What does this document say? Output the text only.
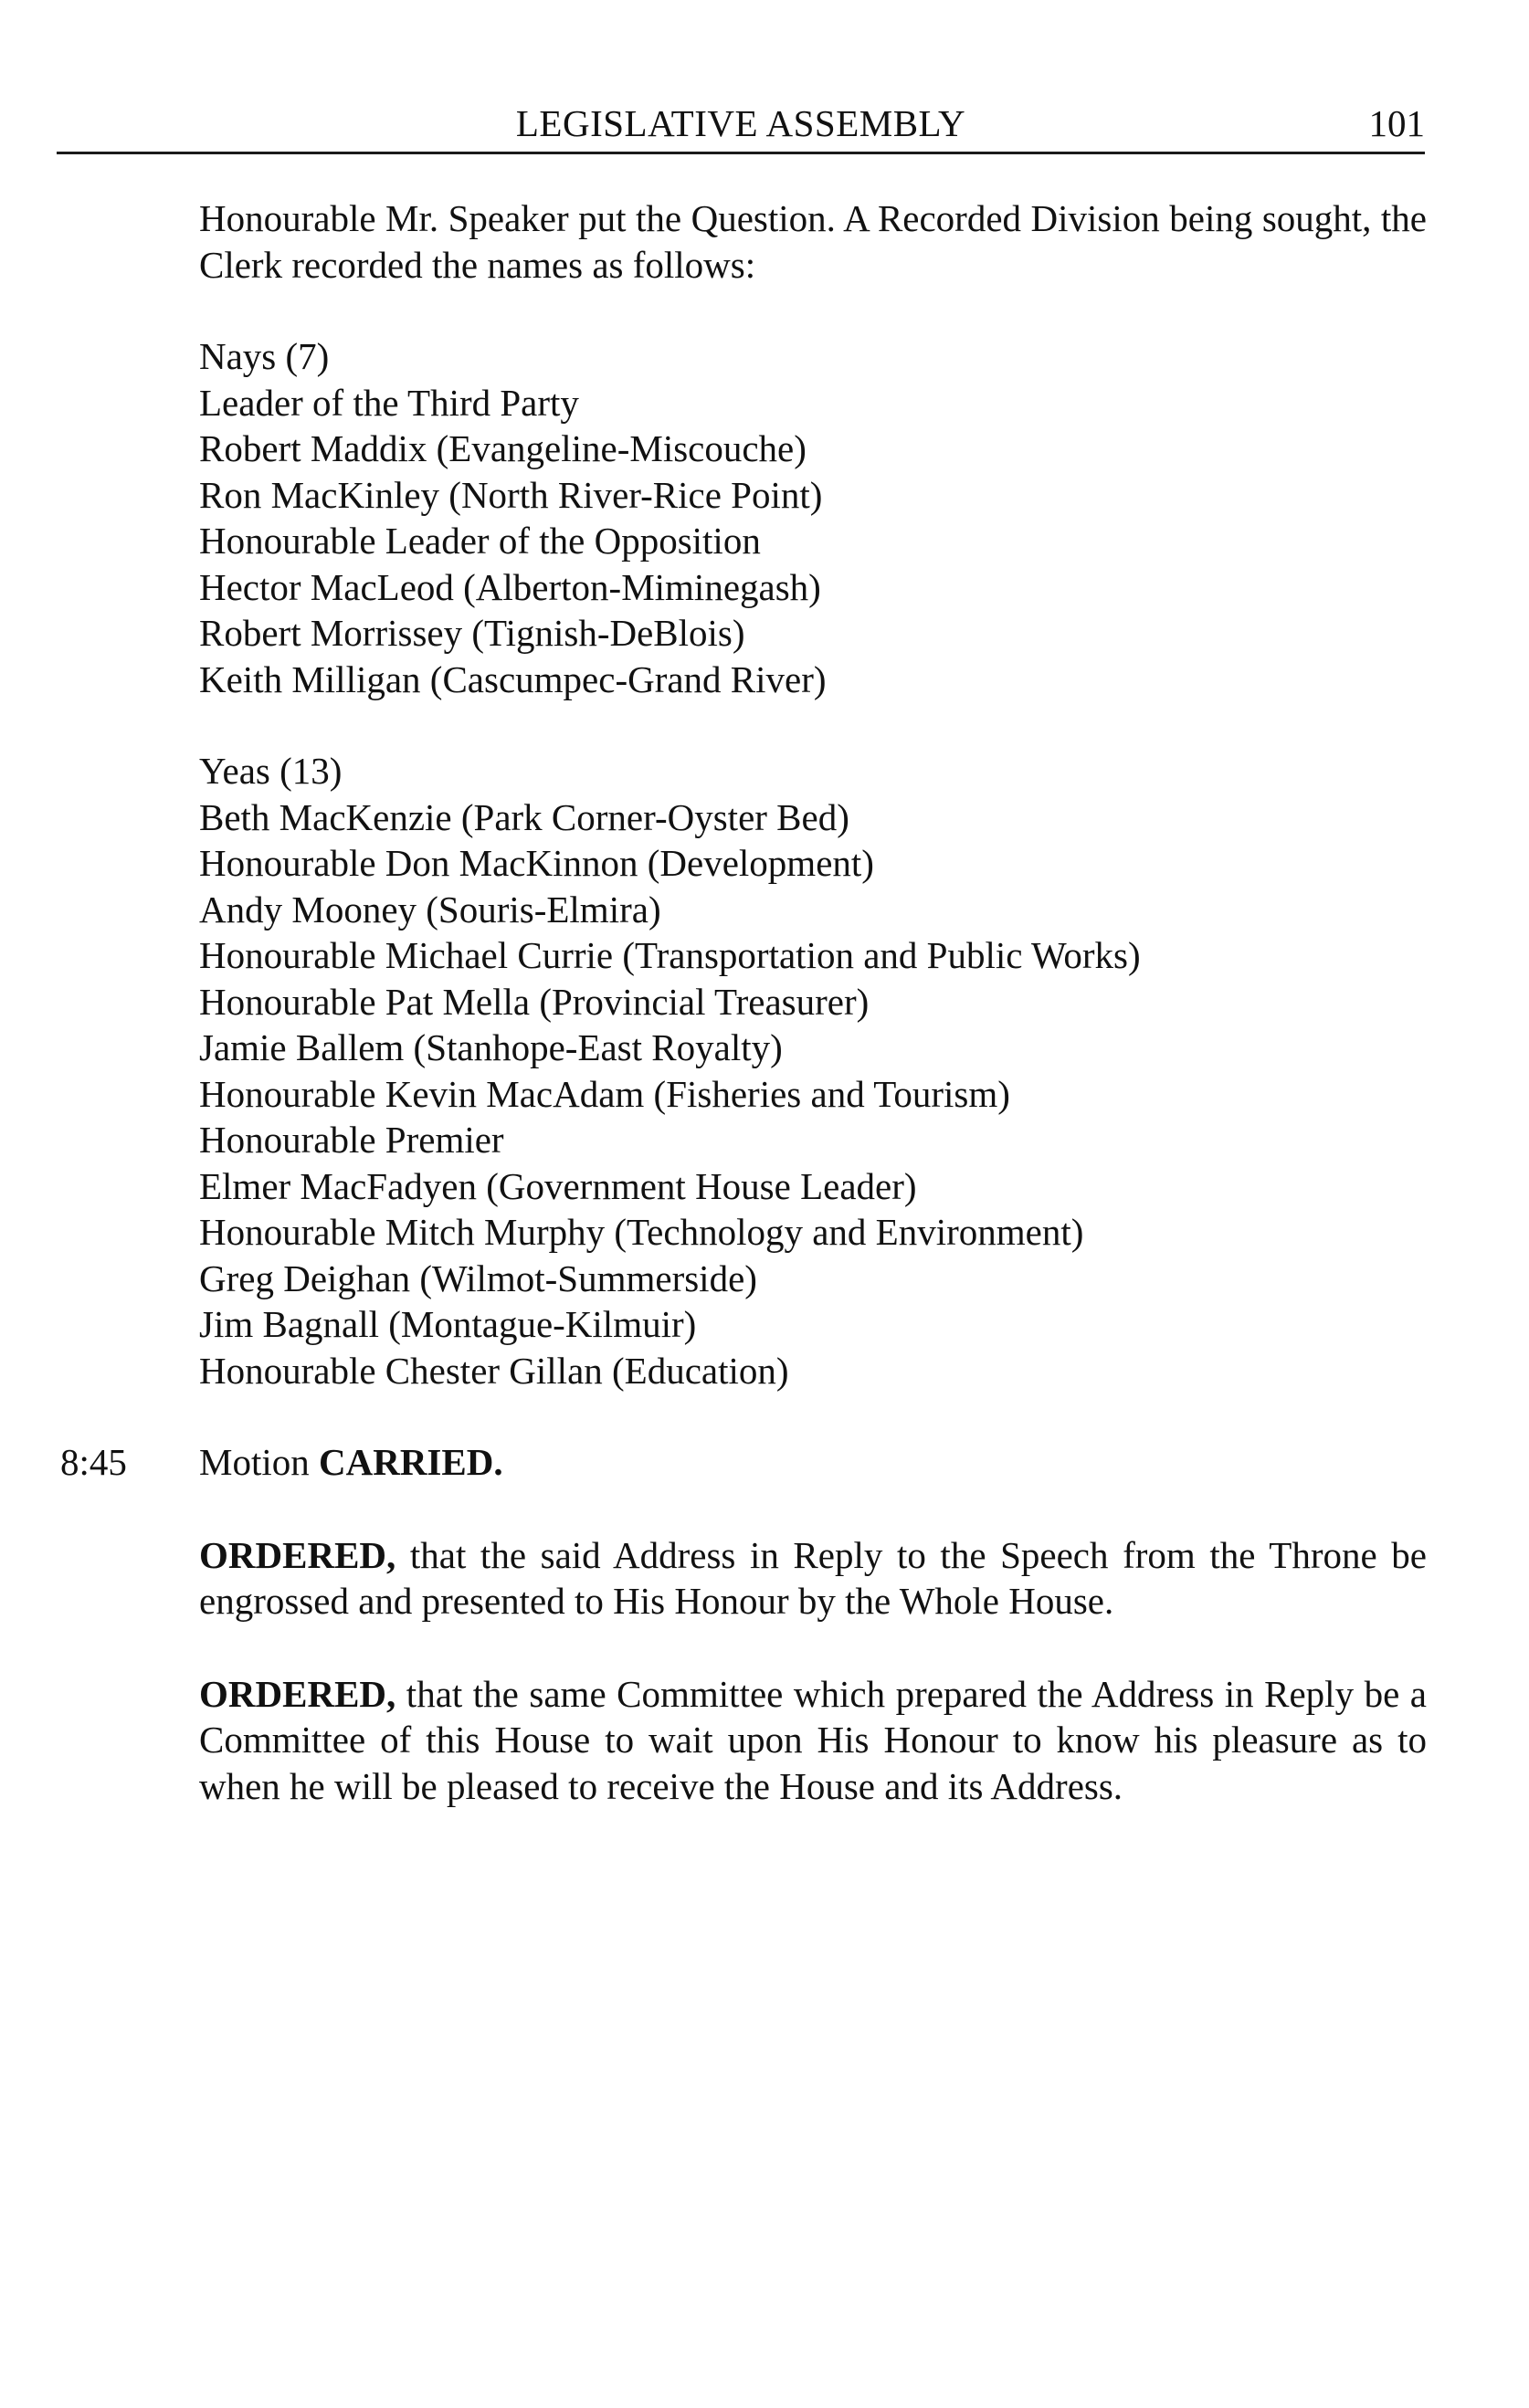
LEGISLATIVE ASSEMBLY	101

Honourable Mr. Speaker put the Question. A Recorded Division being sought, the Clerk recorded the names as follows:

Nays (7)

Leader of the Third Party
Robert Maddix (Evangeline-Miscouche)
Ron MacKinley (North River-Rice Point)
Honourable Leader of the Opposition
Hector MacLeod (Alberton-Miminegash)
Robert Morrissey (Tignish-DeBlois)
Keith Milligan (Cascumpec-Grand River)

Yeas (13)

Beth MacKenzie (Park Corner-Oyster Bed)
Honourable Don MacKinnon (Development)
Andy Mooney (Souris-Elmira)
Honourable Michael Currie (Transportation and Public Works)
Honourable Pat Mella (Provincial Treasurer)
Jamie Ballem (Stanhope-East Royalty)
Honourable Kevin MacAdam (Fisheries and Tourism)
Honourable Premier
Elmer MacFadyen (Government House Leader)
Honourable Mitch Murphy (Technology and Environment)
Greg Deighan (Wilmot-Summerside)
Jim Bagnall (Montague-Kilmuir)
Honourable Chester Gillan (Education)
8:45 Motion CARRIED.

ORDERED, that the said Address in Reply to the Speech from the Throne be engrossed and presented to His Honour by the Whole House.

ORDERED, that the same Committee which prepared the Address in Reply be a Committee of this House to wait upon His Honour to know his pleasure as to when he will be pleased to receive the House and its Address.
